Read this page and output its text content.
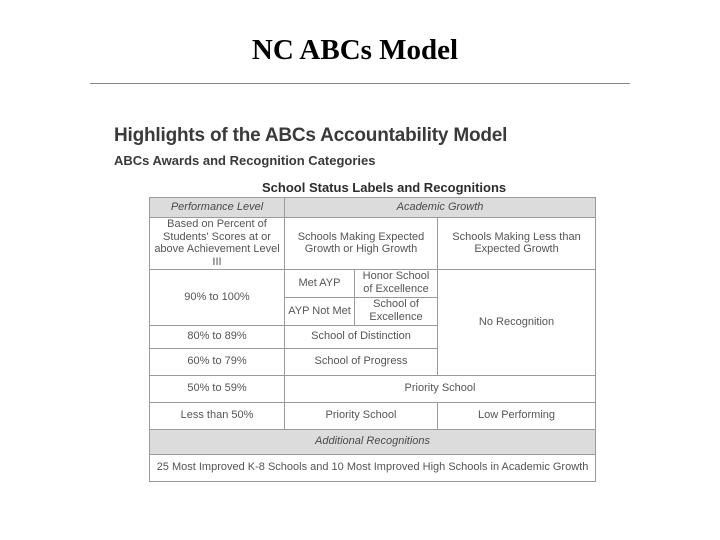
NC ABCs Model
Highlights of the ABCs Accountability Model
ABCs Awards and Recognition Categories
School Status Labels and Recognitions
Performance Level	Academic Growth		
Based on Percent of Students' Scores at or above Achievement Level III	Schools Making Expected Growth or High Growth		Schools Making Less than Expected Growth
90% to 100%	Met AYP	Honor School of Excellence	No Recognition
	AYP Not Met	School of Excellence	
80% to 89%	School of Distinction		
60% to 79%	School of Progress		
50% to 59%	Priority School		
Less than 50%	Priority School		Low Performing
Additional Recognitions			
25 Most Improved K-8 Schools and 10 Most Improved High Schools in Academic Growth			
